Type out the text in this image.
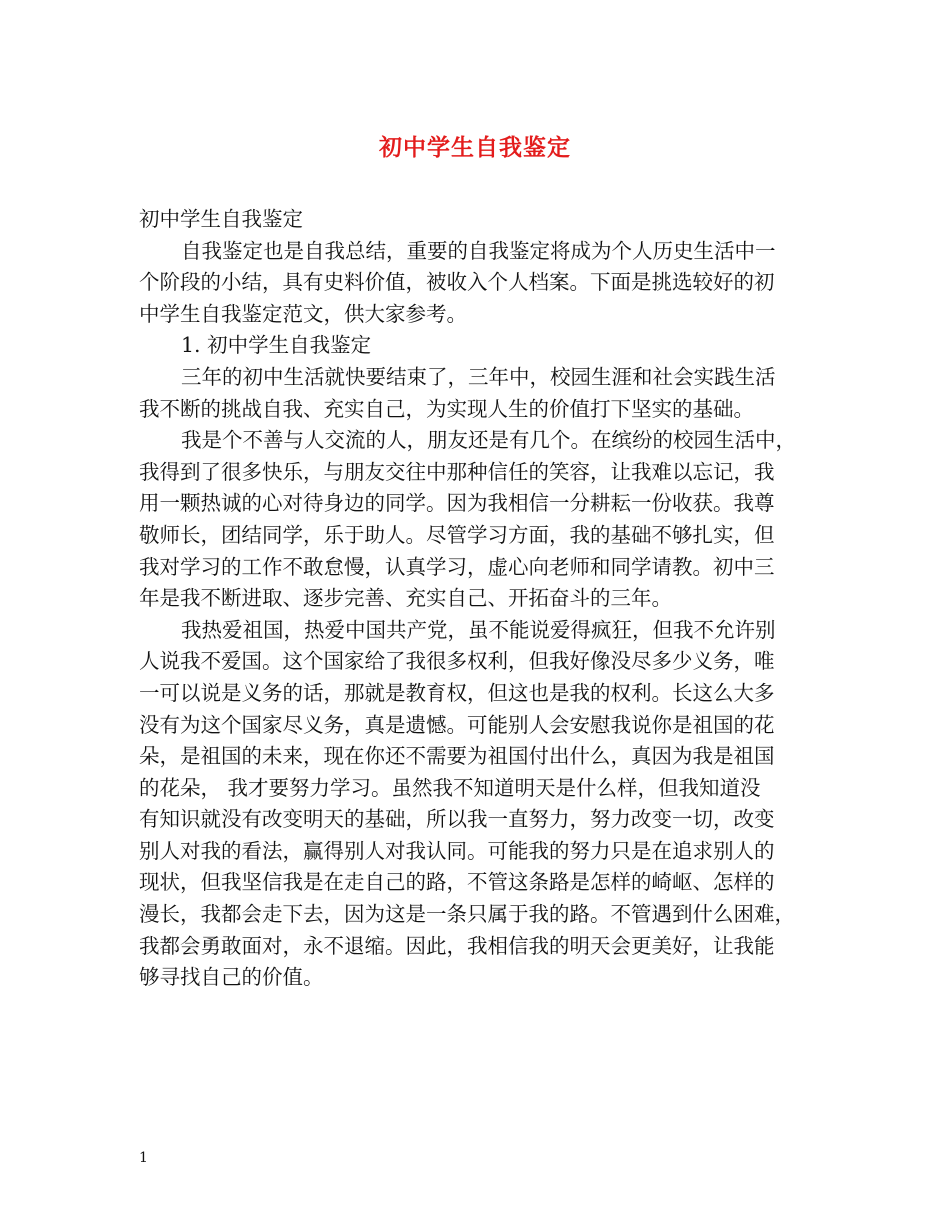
初中学生自我鉴定
初中学生自我鉴定
自我鉴定也是自我总结，重要的自我鉴定将成为个人历史生活中一
个阶段的小结，具有史料价值，被收入个人档案。下面是挑选较好的初
中学生自我鉴定范文，供大家参考。
1. 初中学生自我鉴定
三年的初中生活就快要结束了，三年中，校园生涯和社会实践生活
我不断的挑战自我、充实自己，为实现人生的价值打下坚实的基础。
我是个不善与人交流的人，朋友还是有几个。在缤纷的校园生活中，
我得到了很多快乐，与朋友交往中那种信任的笑容，让我难以忘记，我
用一颗热诚的心对待身边的同学。因为我相信一分耕耘一份收获。我尊
敬师长，团结同学，乐于助人。尽管学习方面，我的基础不够扎实，但
我对学习的工作不敢怠慢，认真学习，虚心向老师和同学请教。初中三
年是我不断进取、逐步完善、充实自己、开拓奋斗的三年。
我热爱祖国，热爱中国共产党，虽不能说爱得疯狂，但我不允许别
人说我不爱国。这个国家给了我很多权利，但我好像没尽多少义务，唯
一可以说是义务的话，那就是教育权，但这也是我的权利。长这么大多
没有为这个国家尽义务，真是遗憾。可能别人会安慰我说你是祖国的花
朵，是祖国的未来，现在你还不需要为祖国付出什么，真因为我是祖国
的花朵， 我才要努力学习。虽然我不知道明天是什么样，但我知道没
有知识就没有改变明天的基础，所以我一直努力，努力改变一切，改变
别人对我的看法，赢得别人对我认同。可能我的努力只是在追求别人的
现状，但我坚信我是在走自己的路，不管这条路是怎样的崎岖、怎样的
漫长，我都会走下去，因为这是一条只属于我的路。不管遇到什么困难，
我都会勇敢面对，永不退缩。因此，我相信我的明天会更美好，让我能
够寻找自己的价值。
1
